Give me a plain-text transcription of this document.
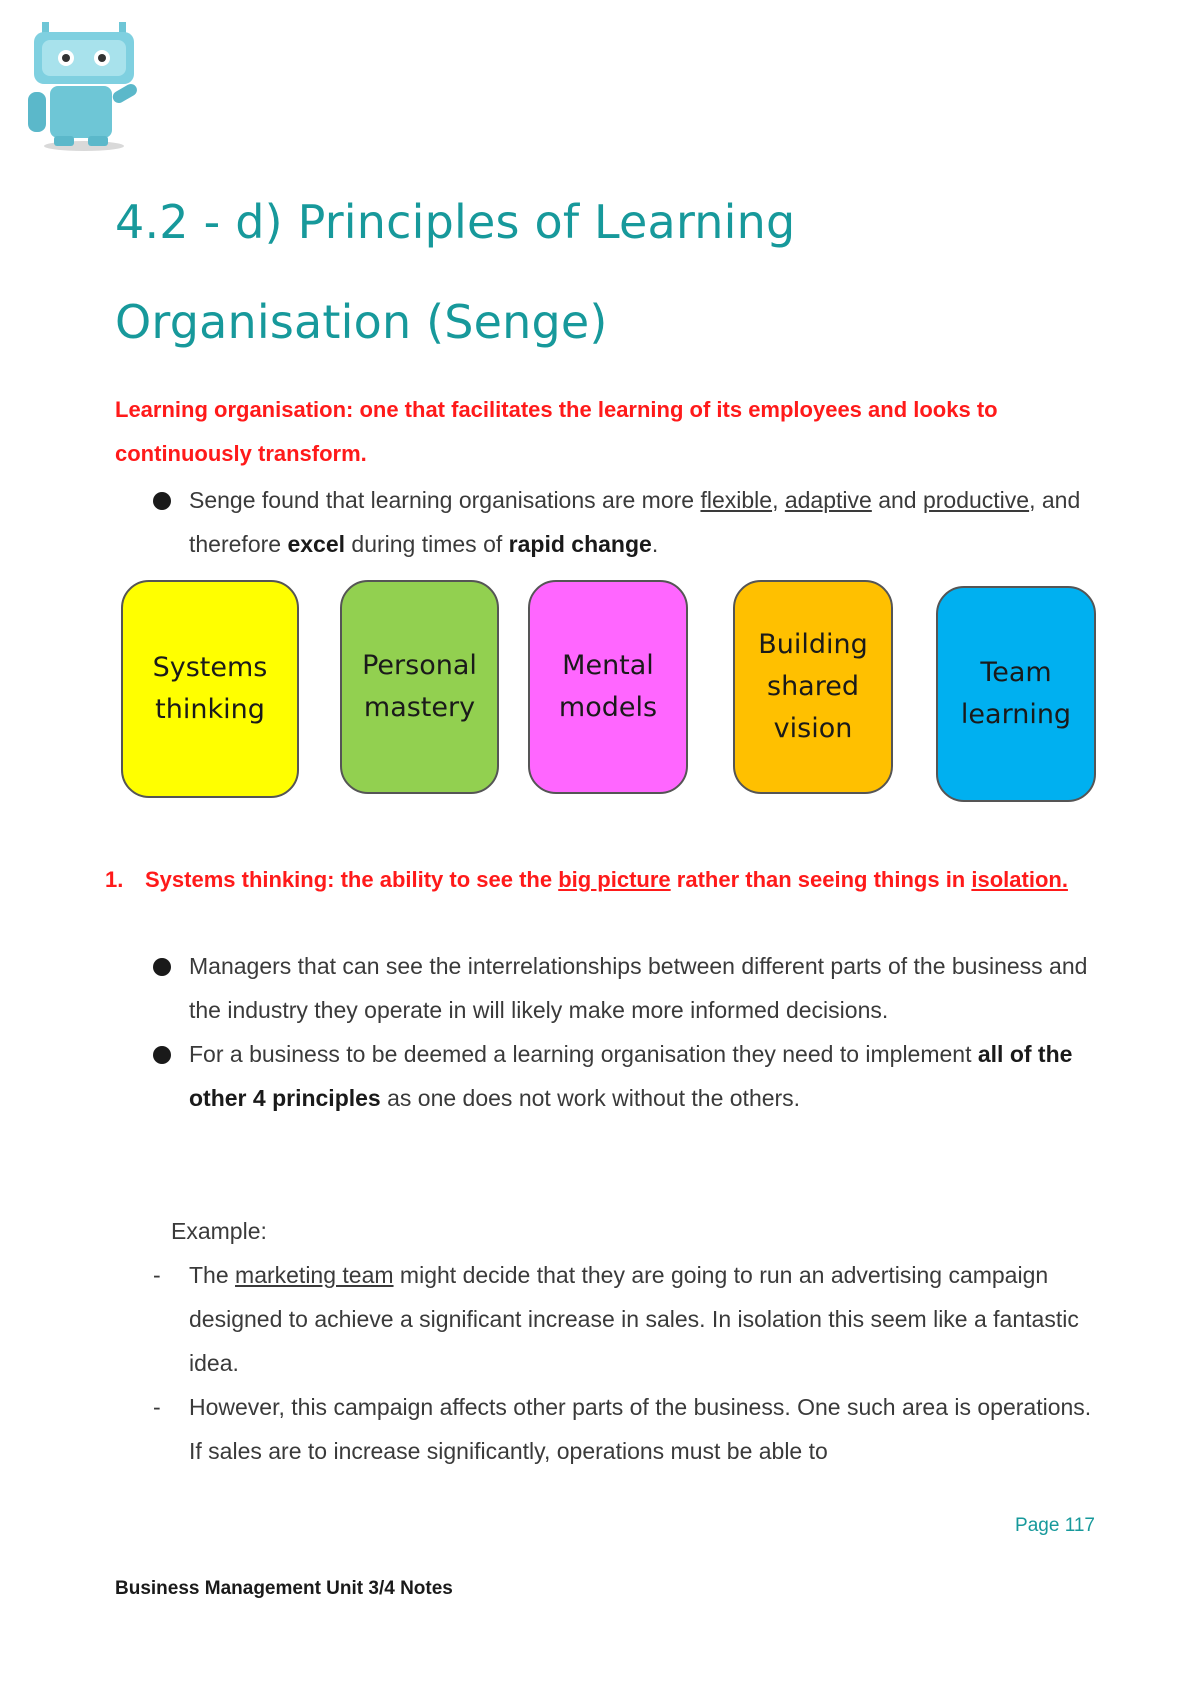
4.2 - d) Principles of Learning
Organisation (Senge)

Learning organisation: one that facilitates the learning of its employees and looks to continuously transform.

Senge found that learning organisations are more flexible, adaptive and productive, and therefore excel during times of rapid change.
Systems
thinking
Personal
mastery
Mental
models
Building
shared
vision
Team
learning
1. Systems thinking: the ability to see the big picture rather than seeing things in isolation.
Managers that can see the interrelationships between different parts of the business and the industry they operate in will likely make more informed decisions.
For a business to be deemed a learning organisation they need to implement all of the other 4 principles as one does not work without the others.
Example:
- The marketing team might decide that they are going to run an advertising campaign designed to achieve a significant increase in sales. In isolation this seem like a fantastic idea.
- However, this campaign affects other parts of the business. One such area is operations. If sales are to increase significantly, operations must be able to
Page 117
Business Management Unit 3/4 Notes
